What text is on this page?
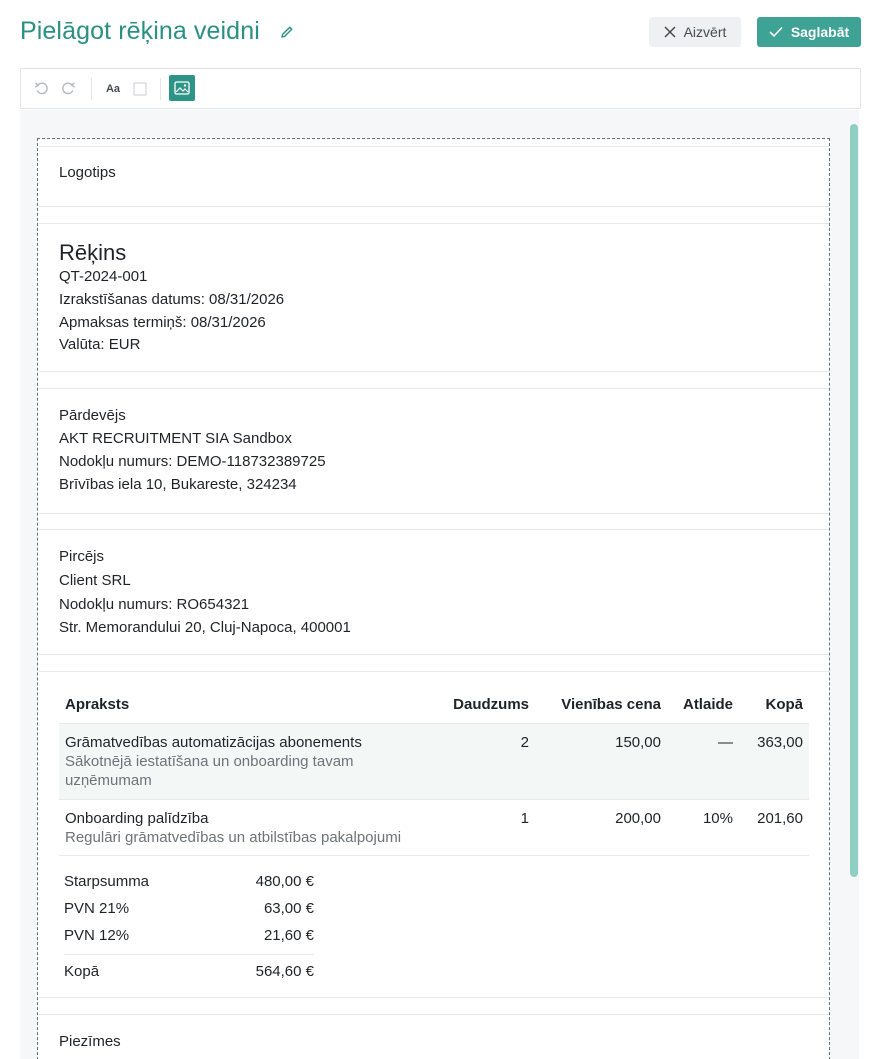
Pielāgot rēķina veidni	Aizvērt	Saglabāt
Aa
Logotips
Rēķins
QT-2024-001
Izrakstīšanas datums: 08/31/2026
Apmaksas termiņš: 08/31/2026
Valūta: EUR
Pārdevējs
AKT RECRUITMENT SIA Sandbox
Nodokļu numurs: DEMO-118732389725
Brīvības iela 10, Bukareste, 324234
Pircējs
Client SRL
Nodokļu numurs: RO654321
Str. Memorandului 20, Cluj-Napoca, 400001
Apraksts	Daudzums	Vienības cena	Atlaide	Kopā

Grāmatvedības automatizācijas abonements
Sākotnējā iestatīšana un onboarding tavam uzņēmumam	2	150,00	—	363,00

Onboarding palīdzība
Regulāri grāmatvedības un atbilstības pakalpojumi	1	200,00	10%	201,60
Starpsumma	480,00 €
PVN 21%	63,00 €
PVN 12%	21,60 €
Kopā	564,60 €
Piezīmes
